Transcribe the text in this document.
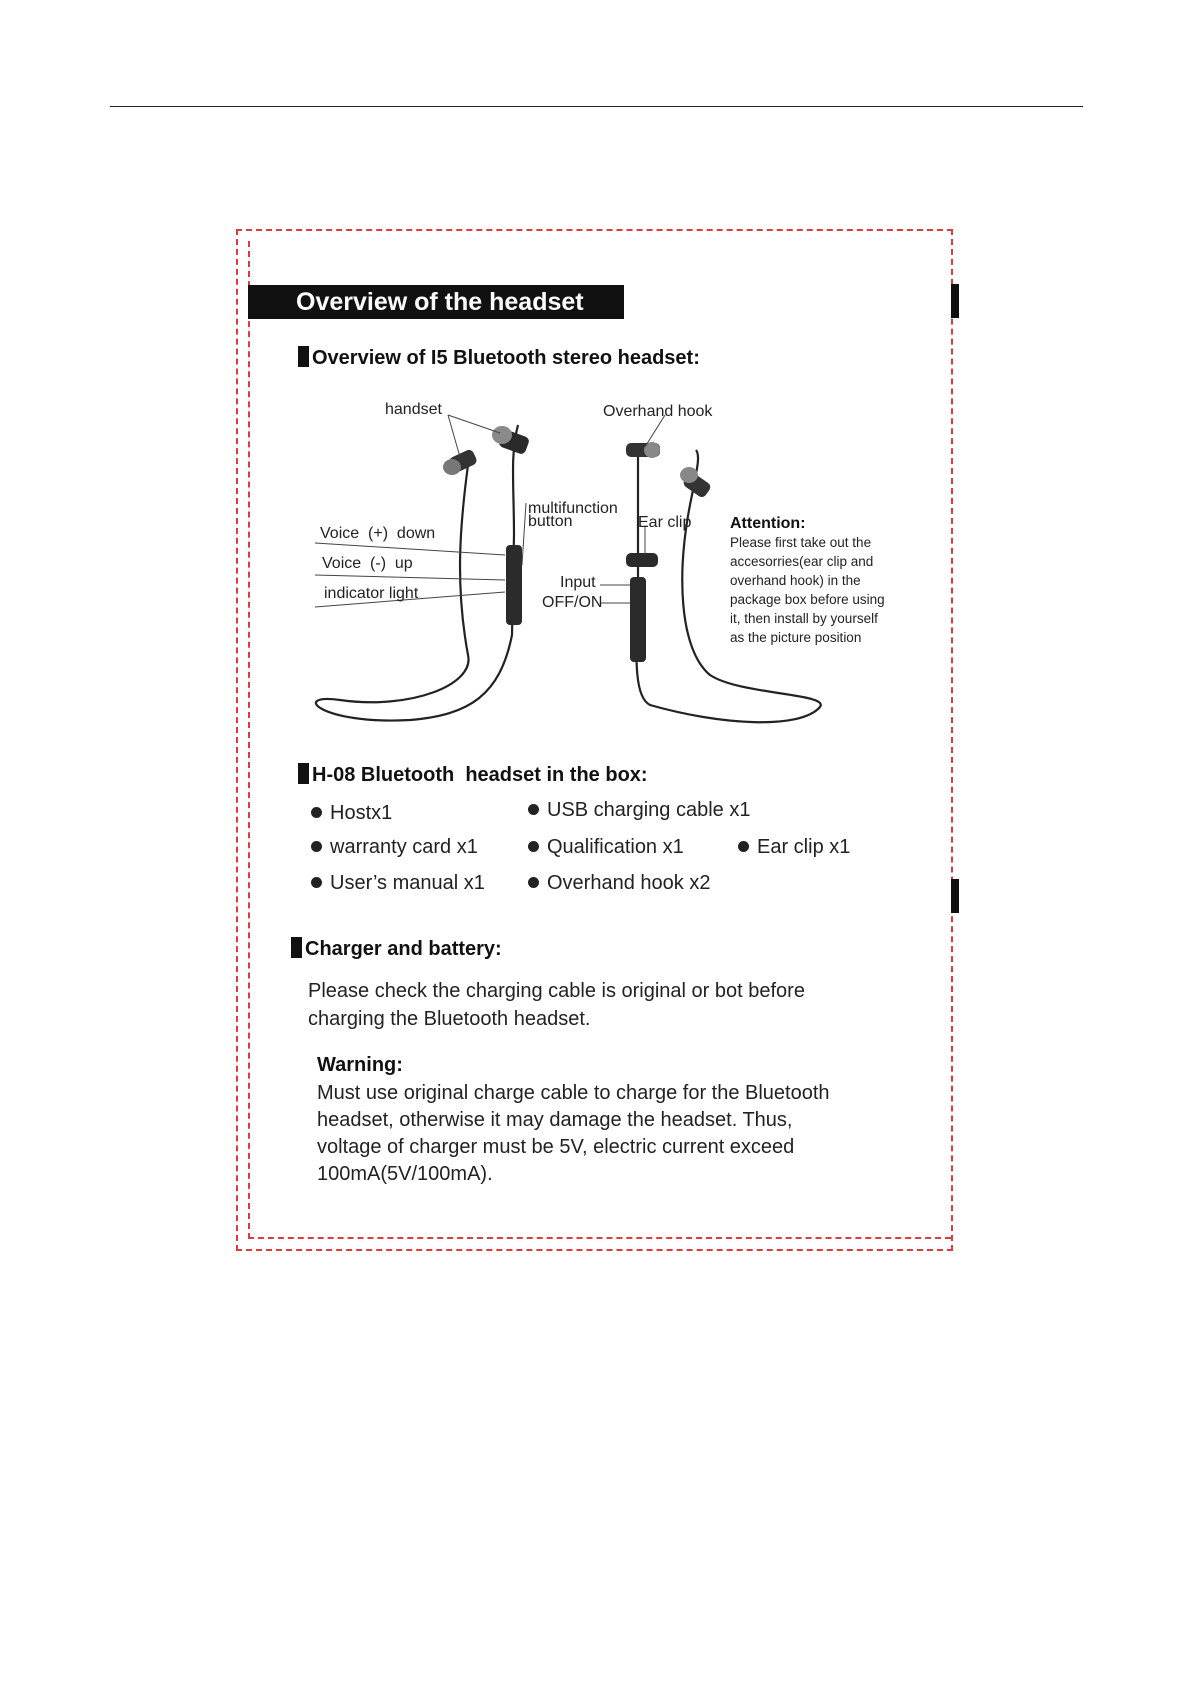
Overview of the headset
Overview of I5 Bluetooth stereo headset:
handset	Overhand hook
multifunction
button
Voice  (+)  down
Voice  (-)  up
indicator light
Ear clip
Input
OFF/ON
Attention:
Please first take out the
accesorries(ear clip and
overhand hook) in the
package box before using
it, then install by yourself
as the picture position
H-08 Bluetooth  headset in the box:
Hostx1	USB charging cable x1
warranty card x1	Qualification x1	Ear clip x1
User’s manual x1	Overhand hook x2
Charger and battery:
Please check the charging cable is original or bot before
charging the Bluetooth headset.
Warning:
Must use original charge cable to charge for the Bluetooth
headset, otherwise it may damage the headset. Thus,
voltage of charger must be 5V, electric current exceed
100mA(5V/100mA).
